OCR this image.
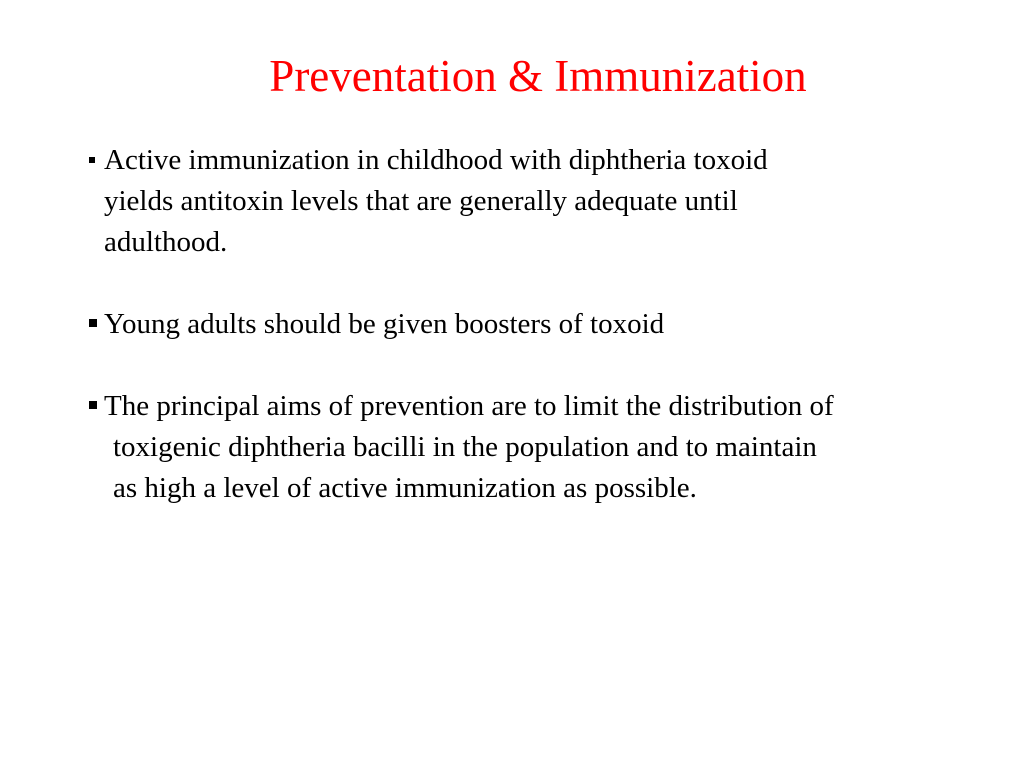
Preventation & Immunization
Active immunization in childhood with diphtheria toxoid
yields antitoxin levels that are generally adequate until
adulthood.
Young adults should be given boosters of toxoid
The principal aims of prevention are to limit the distribution of
toxigenic diphtheria bacilli in the population and to maintain
as high a level of active immunization as possible.
